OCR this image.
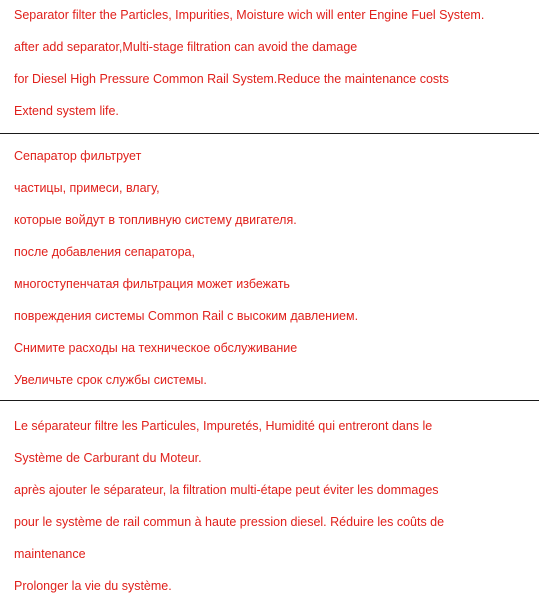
Separator filter the Particles, Impurities, Moisture wich will enter Engine Fuel System.

after add separator,Multi-stage filtration can avoid the damage

for Diesel High Pressure Common Rail System.Reduce the maintenance costs

Extend system life.

Сепаратор фильтрует

частицы, примеси, влагу,

которые войдут в топливную систему двигателя.

после добавления сепаратора,

многоступенчатая фильтрация может избежать

повреждения системы Common Rail с высоким давлением.

Снимите расходы на техническое обслуживание

Увеличьте срок службы системы.

Le séparateur filtre les Particules, Impuretés, Humidité qui entreront dans le

Système de Carburant du Moteur.

après ajouter le séparateur, la filtration multi-étape peut éviter les dommages

pour le système de rail commun à haute pression diesel. Réduire les coûts de

maintenance

Prolonger la vie du système.
